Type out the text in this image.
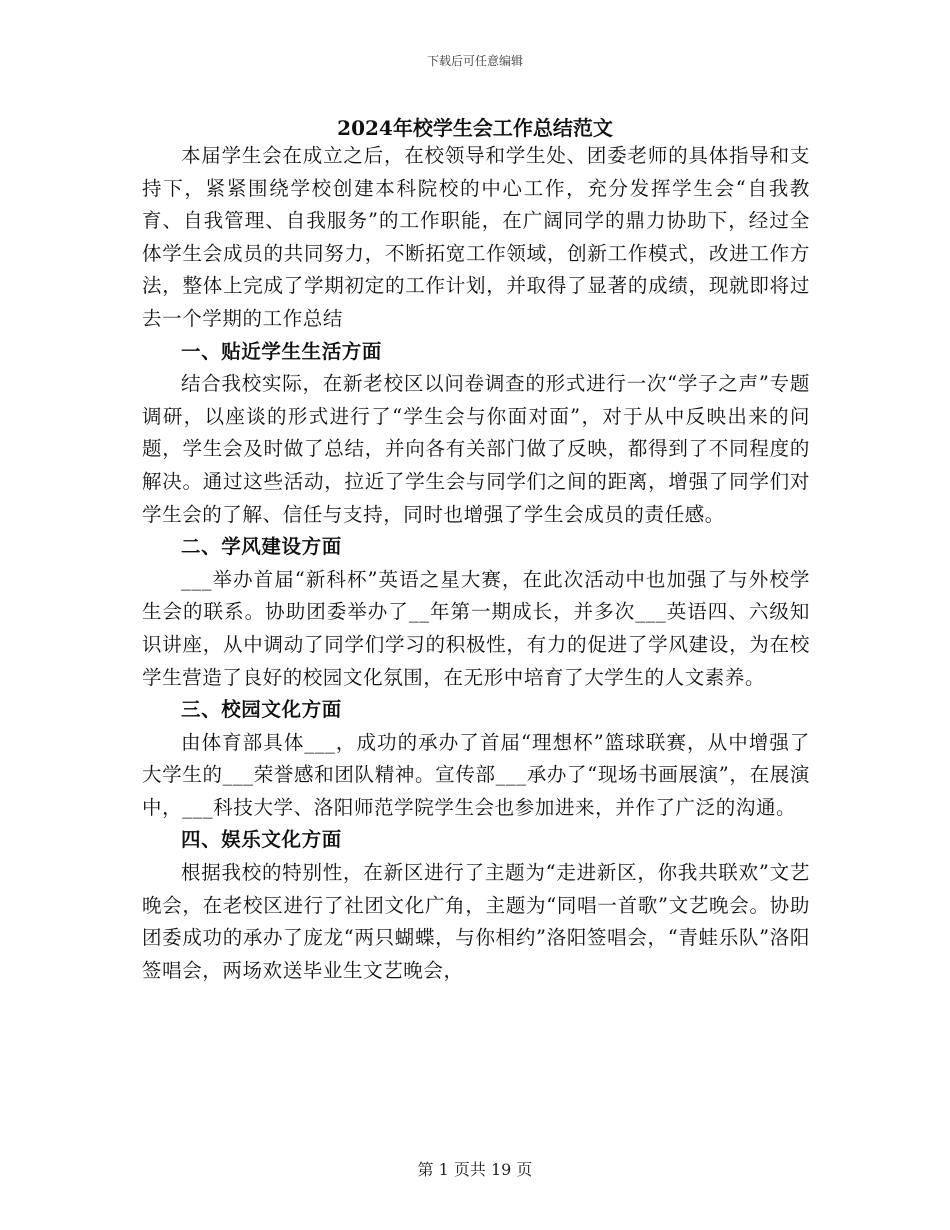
下载后可任意编辑
2024年校学生会工作总结范文

本届学生会在成立之后，在校领导和学生处、团委老师的具体指导和支持下，紧紧围绕学校创建本科院校的中心工作，充分发挥学生会“自我教育、自我管理、自我服务”的工作职能，在广阔同学的鼎力协助下，经过全体学生会成员的共同努力，不断拓宽工作领域，创新工作模式，改进工作方法，整体上完成了学期初定的工作计划，并取得了显著的成绩，现就即将过去一个学期的工作总结

一、贴近学生生活方面

结合我校实际，在新老校区以问卷调查的形式进行一次“学子之声”专题调研，以座谈的形式进行了“学生会与你面对面”，对于从中反映出来的问题，学生会及时做了总结，并向各有关部门做了反映，都得到了不同程度的解决。通过这些活动，拉近了学生会与同学们之间的距离，增强了同学们对学生会的了解、信任与支持，同时也增强了学生会成员的责任感。

二、学风建设方面

___举办首届“新科杯”英语之星大赛，在此次活动中也加强了与外校学生会的联系。协助团委举办了__年第一期成长，并多次___英语四、六级知识讲座，从中调动了同学们学习的积极性，有力的促进了学风建设，为在校学生营造了良好的校园文化氛围，在无形中培育了大学生的人文素养。

三、校园文化方面

由体育部具体___，成功的承办了首届“理想杯”篮球联赛，从中增强了大学生的___荣誉感和团队精神。宣传部___承办了“现场书画展演”，在展演中，___科技大学、洛阳师范学院学生会也参加进来，并作了广泛的沟通。

四、娱乐文化方面

根据我校的特别性，在新区进行了主题为“走进新区，你我共联欢”文艺晚会，在老校区进行了社团文化广角，主题为“同唱一首歌”文艺晚会。协助团委成功的承办了庞龙“两只蝴蝶，与你相约”洛阳签唱会，“青蛙乐队”洛阳签唱会，两场欢送毕业生文艺晚会，

第 1 页共 19 页
